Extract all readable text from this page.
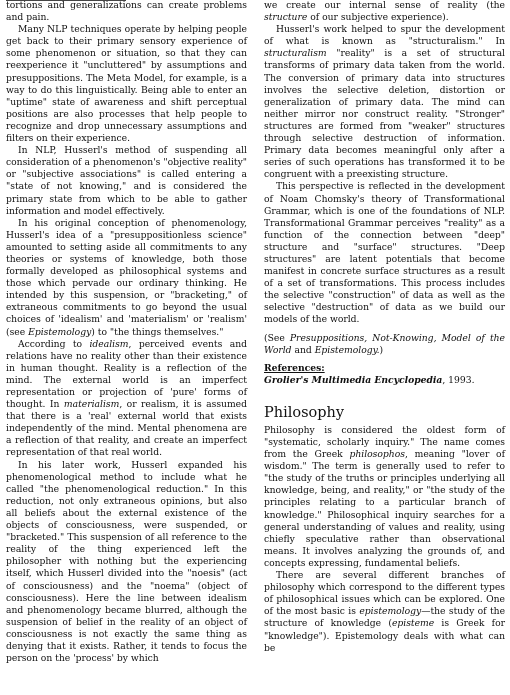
tortions and generalizations can create problems and pain.

Many NLP techniques operate by helping people get back to their primary sensory experience of some phenomenon or situation, so that they can reexperience it "uncluttered" by assumptions and presuppositions. The Meta Model, for example, is a way to do this linguistically. Being able to enter an "uptime" state of awareness and shift perceptual positions are also processes that help people to recognize and drop unnecessary assumptions and filters on their experience.

In NLP, Husserl's method of suspending all consideration of a phenomenon's "objective reality" or "subjective associations" is called entering a "state of not knowing," and is considered the primary state from which to be able to gather information and model effectively.

In his original conception of phenomenology, Husserl's idea of a "presuppositionless science" amounted to setting aside all commitments to any theories or systems of knowledge, both those formally developed as philosophical systems and those which pervade our ordinary thinking. He intended by this suspension, or "bracketing," of extraneous commitments to go beyond the usual choices of 'idealism' and 'materialism' or 'realism' (see Epistemology) to "the things themselves."

According to idealism, perceived events and relations have no reality other than their existence in human thought. Reality is a reflection of the mind. The external world is an imperfect representation or projection of 'pure' forms of thought. In materialism, or realism, it is assumed that there is a 'real' external world that exists independently of the mind. Mental phenomena are a reflection of that reality, and create an imperfect representation of that real world.

In his later work, Husserl expanded his phenomenological method to include what he called "the phenomenological reduction." In this reduction, not only extraneous opinions, but also all beliefs about the external existence of the objects of consciousness, were suspended, or "bracketed." This suspension of all reference to the reality of the thing experienced left the philosopher with nothing but the experiencing itself, which Husserl divided into the "noesis" (act of consciousness) and the "noema" (object of consciousness). Here the line between idealism and phenomenology became blurred, although the suspension of belief in the reality of an object of consciousness is not exactly the same thing as denying that it exists. Rather, it tends to focus the person on the 'process' by which

we create our internal sense of reality (the structure of our subjective experience).

Husserl's work helped to spur the development of what is known as "structuralism." In structuralism "reality" is a set of structural transforms of primary data taken from the world. The conversion of primary data into structures involves the selective deletion, distortion or generalization of primary data. The mind can neither mirror nor construct reality. "Stronger" structures are formed from "weaker" structures through selective destruction of information. Primary data becomes meaningful only after a series of such operations has transformed it to be congruent with a preexisting structure.

This perspective is reflected in the development of Noam Chomsky's theory of Transformational Grammar, which is one of the foundations of NLP. Transformational Grammar perceives "reality" as a function of the connection between "deep" structure and "surface" structures. "Deep structures" are latent potentials that become manifest in concrete surface structures as a result of a set of transformations. This process includes the selective "construction" of data as well as the selective "destruction" of data as we build our models of the world.

(See Presuppositions, Not-Knowing, Model of the World and Epistemology.)

References:

Grolier's Multimedia Encyclopedia, 1993.

Philosophy

Philosophy is considered the oldest form of "systematic, scholarly inquiry." The name comes from the Greek philosophos, meaning "lover of wisdom." The term is generally used to refer to "the study of the truths or principles underlying all knowledge, being, and reality," or "the study of the principles relating to a particular branch of knowledge." Philosophical inquiry searches for a general understanding of values and reality, using chiefly speculative rather than observational means. It involves analyzing the grounds of, and concepts expressing, fundamental beliefs.

There are several different branches of philosophy which correspond to the different types of philosophical issues which can be explored. One of the most basic is epistemology—the study of the structure of knowledge (episteme is Greek for "knowledge"). Epistemology deals with what can be
